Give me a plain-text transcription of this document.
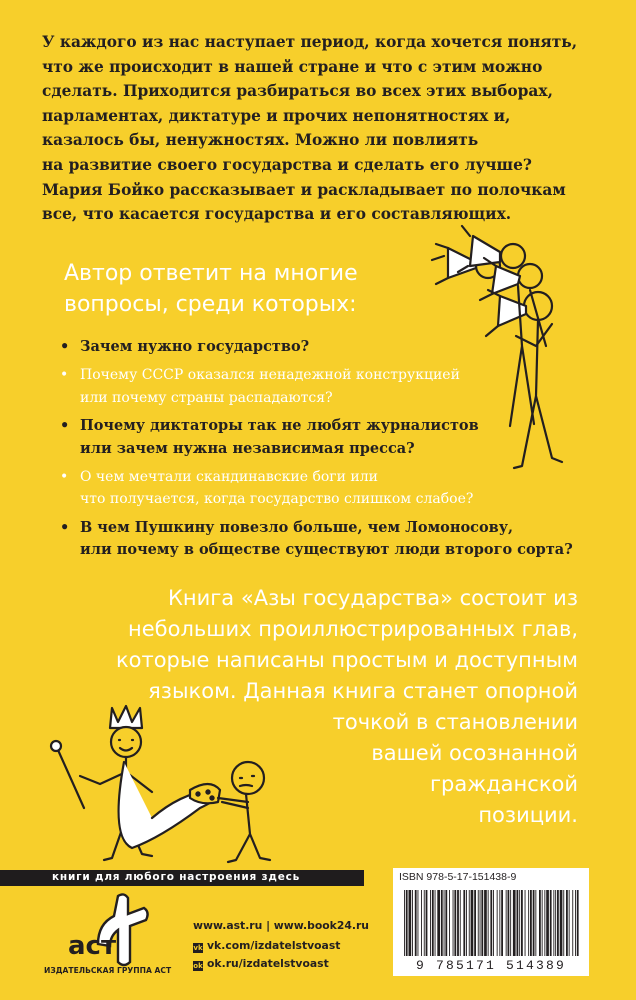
У каждого из нас наступает период, когда хочется понять,
что же происходит в нашей стране и что с этим можно
сделать. Приходится разбираться во всех этих выборах,
парламентах, диктатуре и прочих непонятностях и,
казалось бы, ненужностях. Можно ли повлиять
на развитие своего государства и сделать его лучше?
Мария Бойко рассказывает и раскладывает по полочкам
все, что касается государства и его составляющих.
Автор ответит на многие
вопросы, среди которых:
• Зачем нужно государство?
• Почему СССР оказался ненадежной конструкцией
или почему страны распадаются?
• Почему диктаторы так не любят журналистов
или зачем нужна независимая пресса?
• О чем мечтали скандинавские боги или
что получается, когда государство слишком слабое?
• В чем Пушкину повезло больше, чем Ломоносову,
или почему в обществе существуют люди второго сорта?
Книга «Азы государства» состоит из
небольших проиллюстрированных глав,
которые написаны простым и доступным
языком. Данная книга станет опорной
точкой в становлении
вашей осознанной
гражданской
позиции.
книги для любого настроения здесь
аст
ИЗДАТЕЛЬСКАЯ ГРУППА АСТ
www.ast.ru | www.book24.ru
vk vk.com/izdatelstvoast
ok ok.ru/izdatelstvoast
ISBN 978-5-17-151438-9
9 785171 514389
